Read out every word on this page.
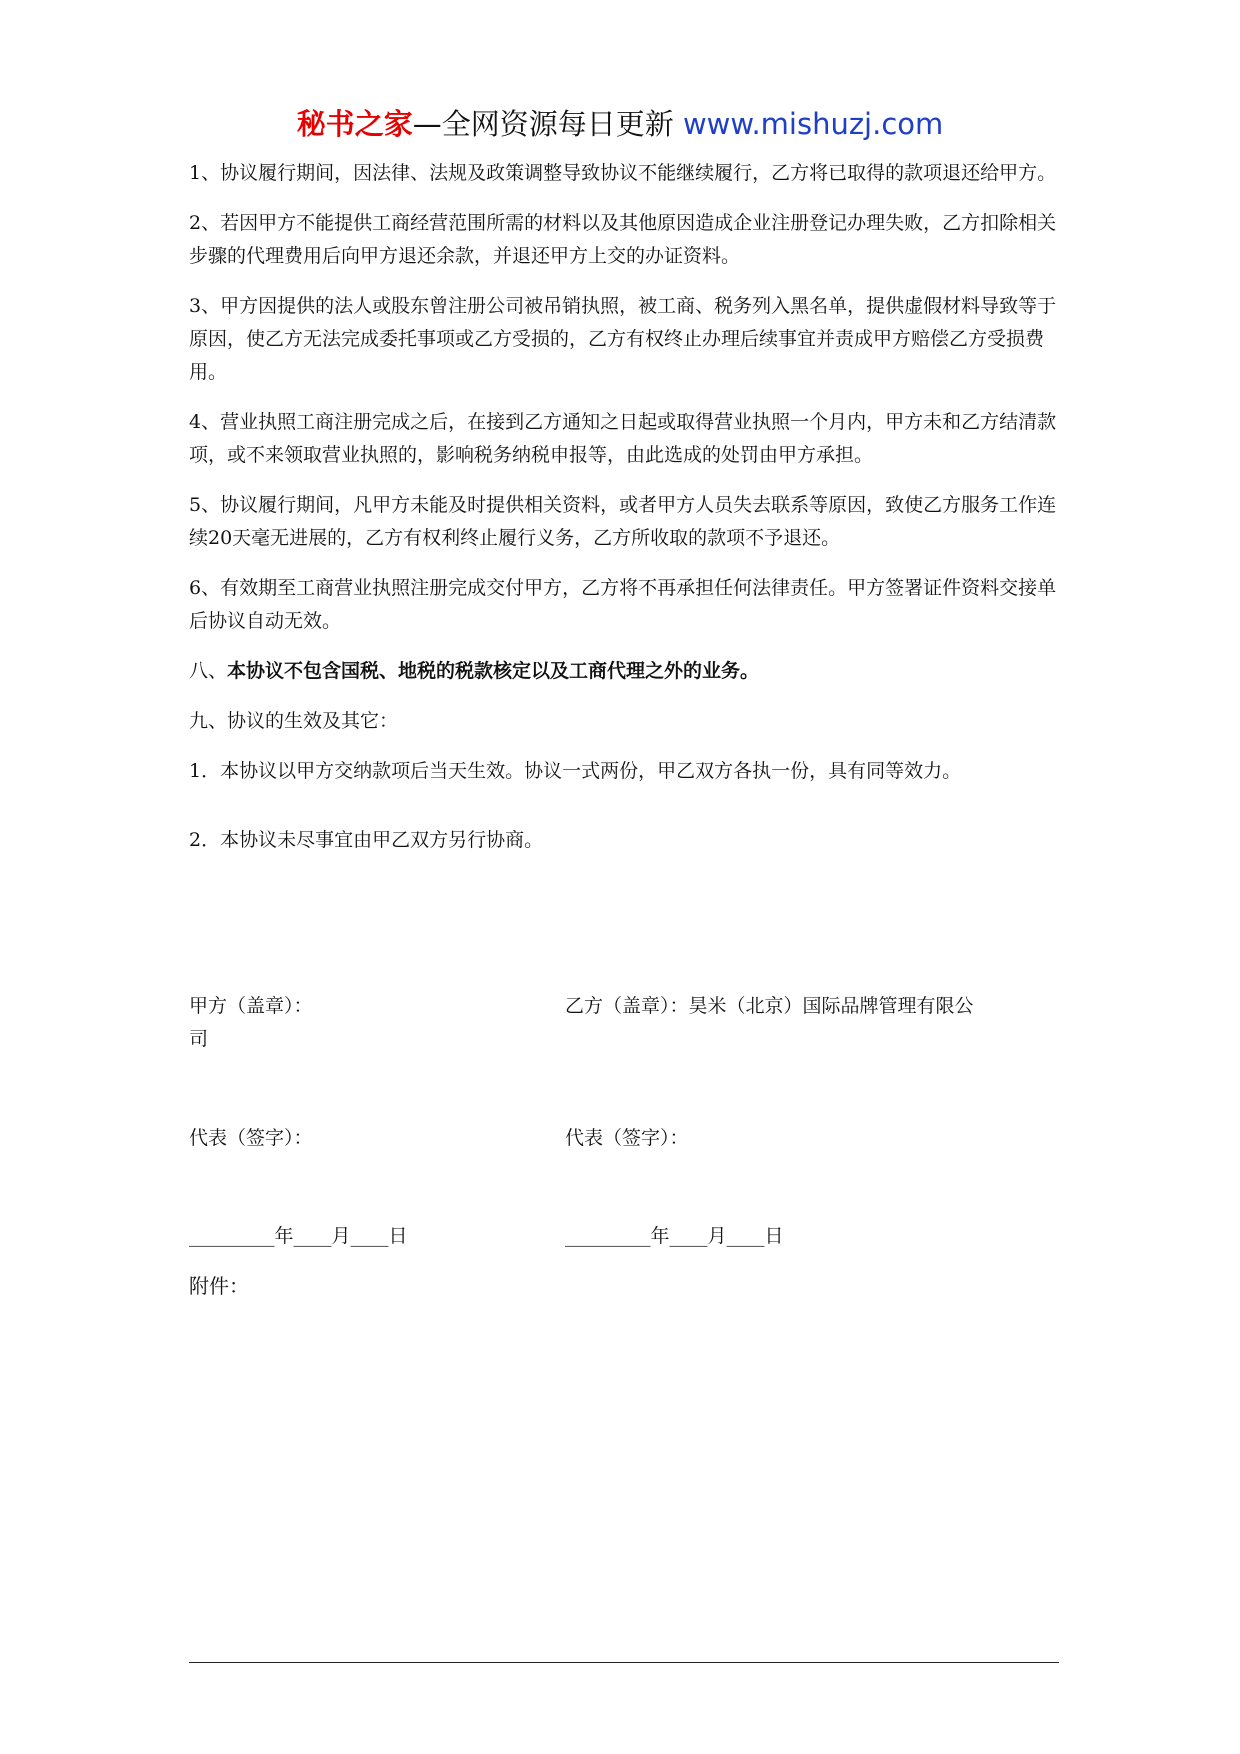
秘书之家—全网资源每日更新 www.mishuzj.com

1、协议履行期间，因法律、法规及政策调整导致协议不能继续履行，乙方将已取得的款项退还给甲方。

2、若因甲方不能提供工商经营范围所需的材料以及其他原因造成企业注册登记办理失败，乙方扣除相关步骤的代理费用后向甲方退还余款，并退还甲方上交的办证资料。

3、甲方因提供的法人或股东曾注册公司被吊销执照，被工商、税务列入黑名单，提供虚假材料导致等于原因，使乙方无法完成委托事项或乙方受损的，乙方有权终止办理后续事宜并责成甲方赔偿乙方受损费用。

4、营业执照工商注册完成之后，在接到乙方通知之日起或取得营业执照一个月内，甲方未和乙方结清款项，或不来领取营业执照的，影响税务纳税申报等，由此选成的处罚由甲方承担。

5、协议履行期间，凡甲方未能及时提供相关资料，或者甲方人员失去联系等原因，致使乙方服务工作连续20天毫无进展的，乙方有权利终止履行义务，乙方所收取的款项不予退还。

6、有效期至工商营业执照注册完成交付甲方，乙方将不再承担任何法律责任。甲方签署证件资料交接单后协议自动无效。

八、本协议不包含国税、地税的税款核定以及工商代理之外的业务。

九、协议的生效及其它：

1．本协议以甲方交纳款项后当天生效。协议一式两份，甲乙双方各执一份，具有同等效力。

2．本协议未尽事宜由甲乙双方另行协商。

甲方（盖章）：
司
乙方（盖章）：昊米（北京）国际品牌管理有限公
代表（签字）：	代表（签字）：
_________年____月____日	_________年____月____日
附件：
